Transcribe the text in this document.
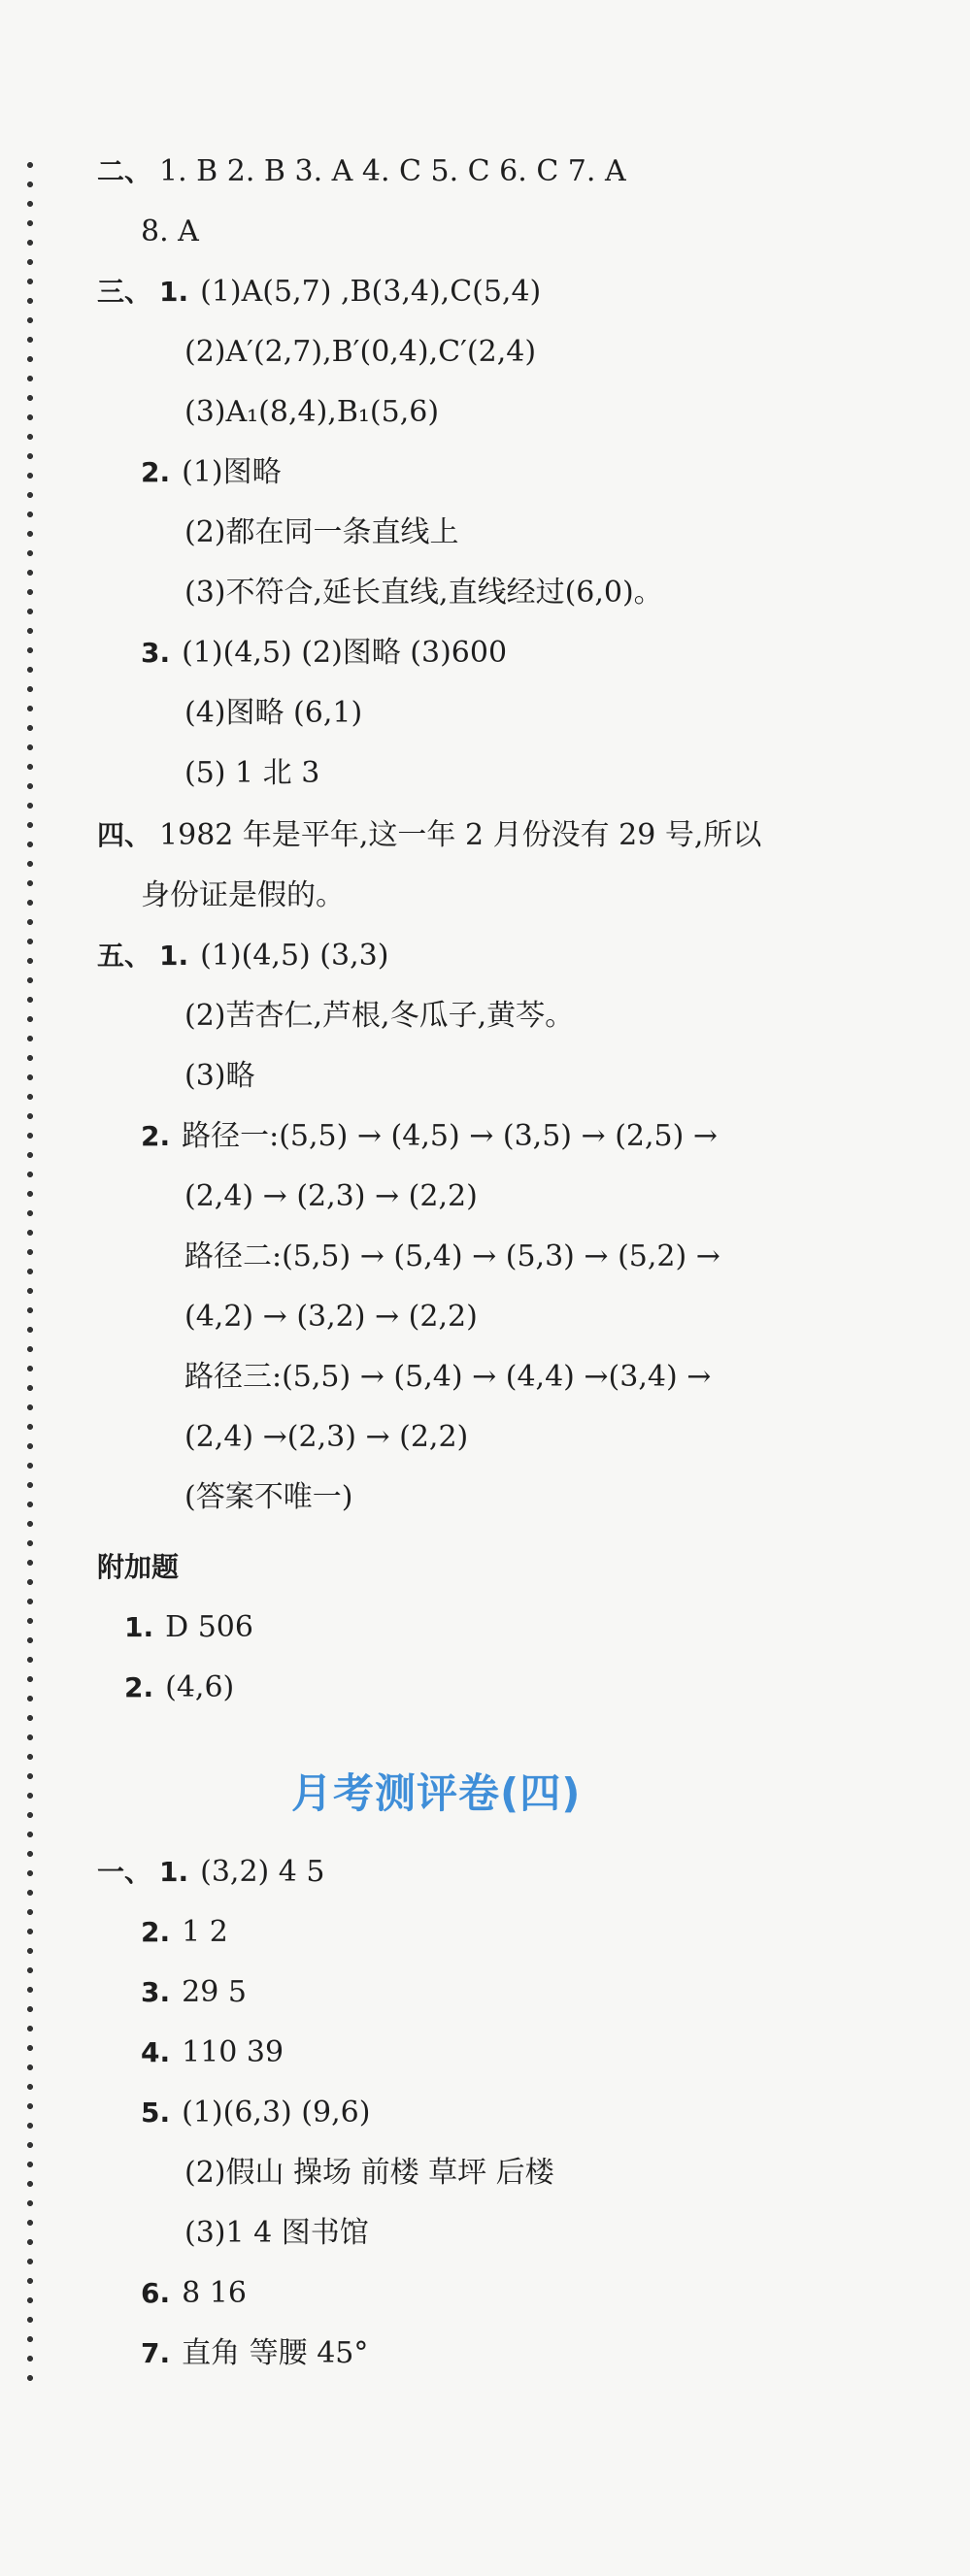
二、 1. B 2. B 3. A 4. C 5. C 6. C 7. A
8. A
三、 1. (1)A(5,7) ,B(3,4),C(5,4)
(2)A′(2,7),B′(0,4),C′(2,4)
(3)A₁(8,4),B₁(5,6)
2. (1)图略
(2)都在同一条直线上
(3)不符合,延长直线,直线经过(6,0)。
3. (1)(4,5) (2)图略 (3)600
(4)图略 (6,1)
(5) 1 北 3
四、 1982 年是平年,这一年 2 月份没有 29 号,所以
身份证是假的。
五、 1. (1)(4,5) (3,3)
(2)苦杏仁,芦根,冬瓜子,黄芩。
(3)略
2. 路径一:(5,5) → (4,5) → (3,5) → (2,5) →
(2,4) → (2,3) → (2,2)
路径二:(5,5) → (5,4) → (5,3) → (5,2) →
(4,2) → (3,2) → (2,2)
路径三:(5,5) → (5,4) → (4,4) →(3,4) →
(2,4) →(2,3) → (2,2)
(答案不唯一)
附加题
1. D 506
2. (4,6)
月考测评卷(四)
一、 1. (3,2) 4 5
2. 1 2
3. 29 5
4. 110 39
5. (1)(6,3) (9,6)
(2)假山 操场 前楼 草坪 后楼
(3)1 4 图书馆
6. 8 16
7. 直角 等腰 45°
